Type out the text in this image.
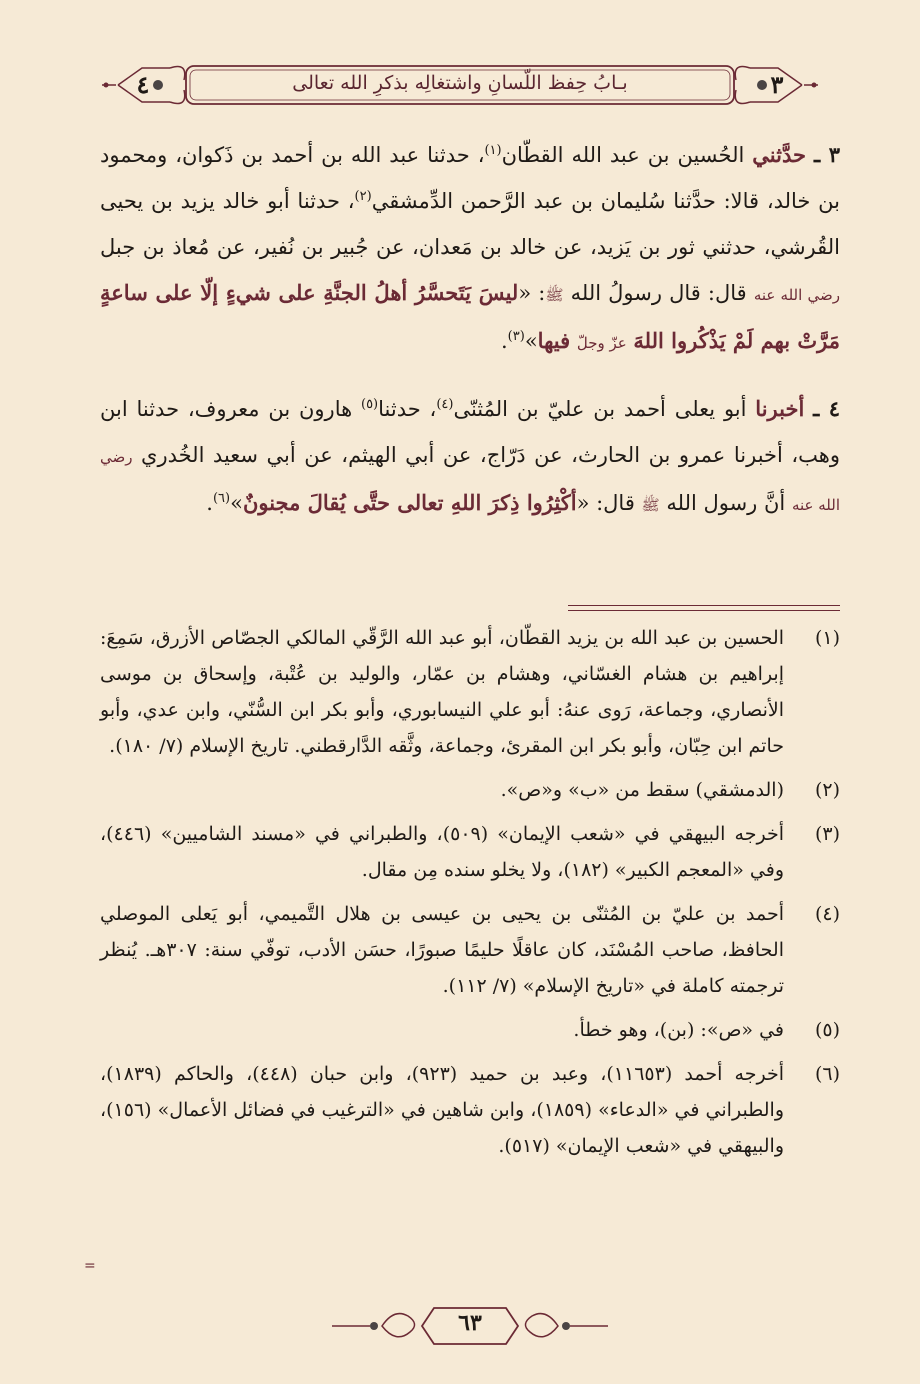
٤	بـابُ حِفظ اللّسانِ واشتغالِه بذكرِ الله تعالى	٣

٣ ـ حدَّثني الحُسين بن عبد الله القطّان$^{(١)}$، حدثنا عبد الله بن أحمد بن ذَكوان، ومحمود بن خالد، قالا: حدَّثنا سُليمان بن عبد الرَّحمن الدِّمشقي$^{(٢)}$، حدثنا أبو خالد يزيد بن يحيى القُرشي، حدثني ثور بن يَزيد، عن خالد بن مَعدان، عن جُبير بن نُفير، عن مُعاذ بن جبل رضي الله عنه قال: قال رسولُ الله ﷺ: «ليسَ يَتَحسَّرُ أهلُ الجنَّةِ على شيءٍ إلّا على ساعةٍ مَرَّتْ بهم لَمْ يَذْكُروا اللهَ عزّ وجلّ فيها»$^{(٣)}$.

٤ ـ أخبرنا أبو يعلى أحمد بن عليّ بن المُثنّى$^{(٤)}$، حدثنا$^{(٥)}$ هارون بن معروف، حدثنا ابن وهب، أخبرنا عمرو بن الحارث، عن دَرّاج، عن أبي الهيثم، عن أبي سعيد الخُدري رضي الله عنه أنَّ رسول الله ﷺ قال: «أكْثِرُوا ذِكرَ اللهِ تعالى حتَّى يُقالَ مجنونٌ»$^{(٦)}$.

(١)
الحسين بن عبد الله بن يزيد القطّان، أبو عبد الله الرَّقّي المالكي الجصّاص الأزرق، سَمِعَ: إبراهيم بن هشام الغسّاني، وهشام بن عمّار، والوليد بن عُتْبة، وإسحاق بن موسى الأنصاري، وجماعة، رَوى عنهُ: أبو علي النيسابوري، وأبو بكر ابن السُّنّي، وابن عدي، وأبو حاتم ابن حِبّان، وأبو بكر ابن المقرئ، وجماعة، وثَّقه الدَّارقطني. تاريخ الإسلام (٧/ ١٨٠).
(٢)
(الدمشقي) سقط من «ب» و«ص».
(٣)
أخرجه البيهقي في «شعب الإيمان» (٥٠٩)، والطبراني في «مسند الشاميين» (٤٤٦)، وفي «المعجم الكبير» (١٨٢)، ولا يخلو سنده مِن مقال.
(٤)
أحمد بن عليّ بن المُثنّى بن يحيى بن عيسى بن هلال التَّميمي، أبو يَعلى الموصلي الحافظ، صاحب المُسْنَد، كان عاقلًا حليمًا صبورًا، حسَن الأدب، توفّي سنة: ٣٠٧هـ. يُنظر ترجمته كاملة في «تاريخ الإسلام» (٧/ ١١٢).
(٥)
في «ص»: (بن)، وهو خطأ.
(٦)
أخرجه أحمد (١١٦٥٣)، وعبد بن حميد (٩٢٣)، وابن حبان (٤٤٨)، والحاكم (١٨٣٩)، والطبراني في «الدعاء» (١٨٥٩)، وابن شاهين في «الترغيب في فضائل الأعمال» (١٥٦)، والبيهقي في «شعب الإيمان» (٥١٧).
=
٦٣
